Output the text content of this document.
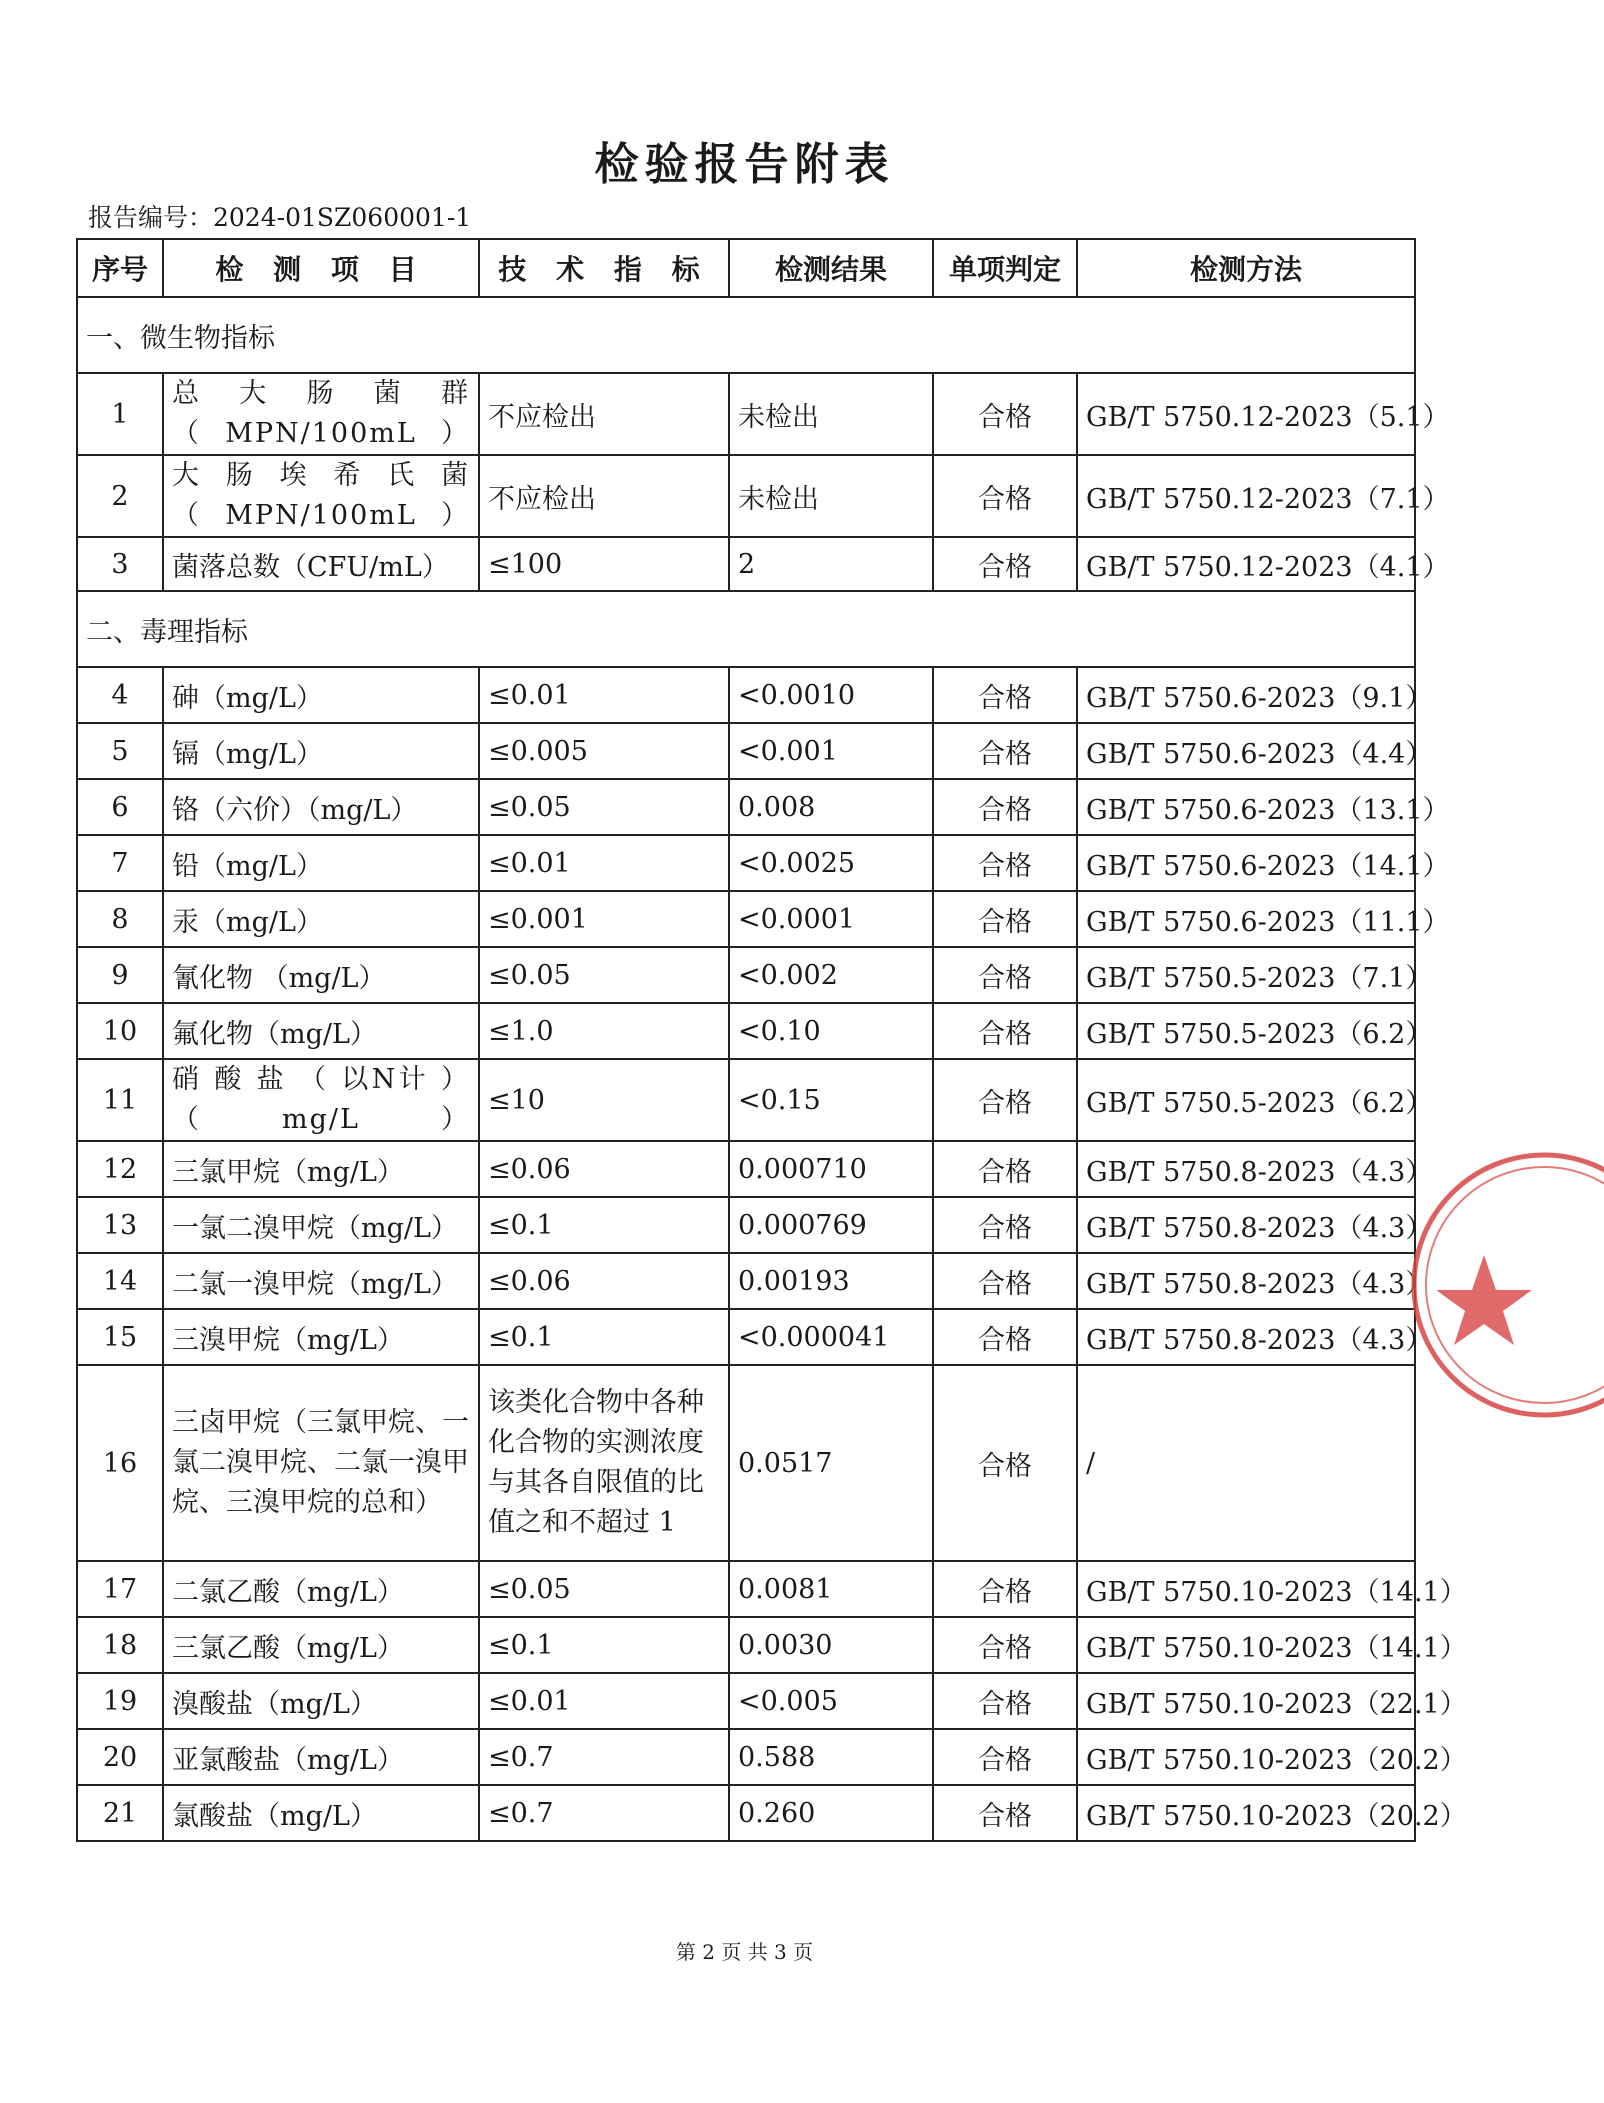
检验报告附表
报告编号：2024-01SZ060001-1
序号	检 测 项 目	技 术 指 标	检测结果	单项判定	检测方法
一、微生物指标					
1	总 大 肠 菌 群（MPN/100mL）	不应检出	未检出	合格	GB/T 5750.12-2023（5.1）
2	大 肠 埃 希 氏 菌（MPN/100mL）	不应检出	未检出	合格	GB/T 5750.12-2023（7.1）
3	菌落总数（CFU/mL）	≤100	2	合格	GB/T 5750.12-2023（4.1）
二、毒理指标					
4	砷（mg/L）	≤0.01	<0.0010	合格	GB/T 5750.6-2023（9.1）
5	镉（mg/L）	≤0.005	<0.001	合格	GB/T 5750.6-2023（4.4）
6	铬（六价）（mg/L）	≤0.05	0.008	合格	GB/T 5750.6-2023（13.1）
7	铅（mg/L）	≤0.01	<0.0025	合格	GB/T 5750.6-2023（14.1）
8	汞（mg/L）	≤0.001	<0.0001	合格	GB/T 5750.6-2023（11.1）
9	氰化物 （mg/L）	≤0.05	<0.002	合格	GB/T 5750.5-2023（7.1）
10	氟化物（mg/L）	≤1.0	<0.10	合格	GB/T 5750.5-2023（6.2）
11	硝 酸 盐 （ 以N计 ）（mg/L）	≤10	<0.15	合格	GB/T 5750.5-2023（6.2）
12	三氯甲烷（mg/L）	≤0.06	0.000710	合格	GB/T 5750.8-2023（4.3）
13	一氯二溴甲烷（mg/L）	≤0.1	0.000769	合格	GB/T 5750.8-2023（4.3）
14	二氯一溴甲烷（mg/L）	≤0.06	0.00193	合格	GB/T 5750.8-2023（4.3）
15	三溴甲烷（mg/L）	≤0.1	<0.000041	合格	GB/T 5750.8-2023（4.3）
16	三卤甲烷（三氯甲烷、一氯二溴甲烷、二氯一溴甲烷、三溴甲烷的总和）	该类化合物中各种化合物的实测浓度与其各自限值的比值之和不超过 1	0.0517	合格	/
17	二氯乙酸（mg/L）	≤0.05	0.0081	合格	GB/T 5750.10-2023（14.1）
18	三氯乙酸（mg/L）	≤0.1	0.0030	合格	GB/T 5750.10-2023（14.1）
19	溴酸盐（mg/L）	≤0.01	<0.005	合格	GB/T 5750.10-2023（22.1）
20	亚氯酸盐（mg/L）	≤0.7	0.588	合格	GB/T 5750.10-2023（20.2）
21	氯酸盐（mg/L）	≤0.7	0.260	合格	GB/T 5750.10-2023（20.2）
第 2 页 共 3 页
